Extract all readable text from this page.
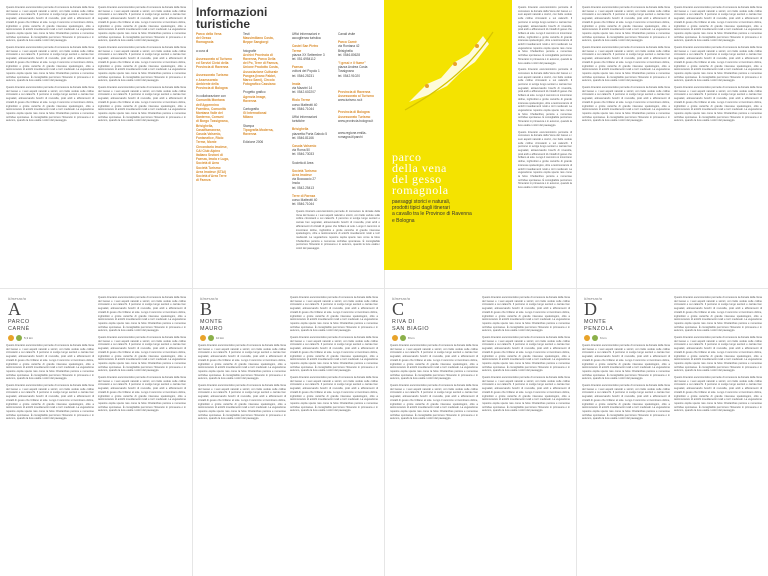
Informazioni
turistiche
Parco della Vena
del Gesso
Romagnola
a cura di
Assessorato al Turismo
ed Servizi Civici della
Provincia di Ravenna
Assessorato Turismo
e Assessorato
Ambiente della
Provincia di Bologna
in collaborazione con
Comunità Montana
dell'Appennino
Faentino, Comunità
Montana Valle del
Santerno, Comuni
di Borgo Tossignano,
Brisighella,
Casalfiumanese,
Casola Valsenio,
Fontanelice, Riolo
Terme, Monte
Circondario Imolese,
CAI Club Alpino
Italiano Sezioni di
Faenza, Imola e Lugo,
Società di Area
Società Turismo
Area Imolese (STAI)
Società d'Area Terre
di Faenza
Testi
Massimiliano Costa,
Beppe Sangiorgi
fotografie
Archivi Provincia di
Ravenna, Parco Della
del Po, Terre di Faenza,
Unione Prodotto Costa,
Associazione Culturale
Pangea (Ivano Fabbri,
Marco Sami), Circolo
Fotografico Cassiano
Progetto grafico
Agenzia Image,
Ravenna
Cartografia
GI International
Milano
Stampa
Tipografia Moderna,
Ravenna
Edizione 2006
Uffici informazioni e
accoglienza turistica
Castel San Pietro
Terme
piazza XX Settembre 3
tel. 051.6954112
Faenza
voltoni del Popolo 1
tel. 0546.25231
Imola
via Mazzini 14
tel. 0542.602207
Riolo Terme
corso Matteotti 40
tel. 0546.71044
Uffici informazioni
turistiche
Brisighella
piazzetta Porta Gabolo 5
tel. 0546.81166
Casola Valsenio
via Roma 50
tel. 0546.73033
Società di Area
Società Turismo
Area Imolese
via Boccaccio 27
Imola
tel. 0542.25413
Terre di Faenza
corso Matteotti 40
tel. 0546.71044
Canali visite
Parco Carnè
via Rontana 42
Brisighella
tel. 0546.80628
"I gessi e il fiume"
piazza Andrea Costa
Tossignano
tel. 0542.91020
Provincia di Ravenna
Assessorato al Turismo
www.turismo.ra.it
Provincia di Bologna
Assessorato Turismo
www.provincia.bologna.it
www.regione.emilia-
romagna.it/parchi
parco
della vena
del gesso
romagnola
paesaggi storici e naturali,
prodotti tipici dagli itinerari
a cavallo tra le Province di Ravenna
e Bologna

Questo itinerario escursionistico permette di conoscere la dorsale della Vena del Gesso e i suoi aspetti naturali e storici, con belle vedute sulle colline circostanti e sui calanchi. Il percorso si svolge lungo sentieri e carraie ben segnalati, attraversando boschi di roverella, prati aridi e affioramenti di cristalli di gesso che brillano al sole. Lungo il cammino si incontrano doline, inghiottitoi e grotte carsiche di grande interesse speleologico, oltre a testimonianze di antichi insediamenti rurali e torri medievali. La vegetazione rupestre ospita specie rare come la felce Cheilanthes persica e numerose orchidee spontanee. È consigliabile percorrere l'itinerario in primavera o in autunno, quando la luce esalta i colori del paesaggio.

Questo itinerario escursionistico permette di conoscere la dorsale della Vena del Gesso e i suoi aspetti naturali e storici, con belle vedute sulle colline circostanti e sui calanchi. Il percorso si svolge lungo sentieri e carraie ben segnalati, attraversando boschi di roverella, prati aridi e affioramenti di cristalli di gesso che brillano al sole. Lungo il cammino si incontrano doline, inghiottitoi e grotte carsiche di grande interesse speleologico, oltre a testimonianze di antichi insediamenti rurali e torri medievali. La vegetazione rupestre ospita specie rare come la felce Cheilanthes persica e numerose orchidee spontanee. È consigliabile percorrere l'itinerario in primavera o in autunno, quando la luce esalta i colori del paesaggio.

Questo itinerario escursionistico permette di conoscere la dorsale della Vena del Gesso e i suoi aspetti naturali e storici, con belle vedute sulle colline circostanti e sui calanchi. Il percorso si svolge lungo sentieri e carraie ben segnalati, attraversando boschi di roverella, prati aridi e affioramenti di cristalli di gesso che brillano al sole. Lungo il cammino si incontrano doline, inghiottitoi e grotte carsiche di grande interesse speleologico, oltre a testimonianze di antichi insediamenti rurali e torri medievali. La vegetazione rupestre ospita specie rare come la felce Cheilanthes persica e numerose orchidee spontanee. È consigliabile percorrere l'itinerario in primavera o in autunno, quando la luce esalta i colori del paesaggio.

Questo itinerario escursionistico permette di conoscere la dorsale della Vena del Gesso e i suoi aspetti naturali e storici, con belle vedute sulle colline circostanti e sui calanchi. Il percorso si svolge lungo sentieri e carraie ben segnalati, attraversando boschi di roverella, prati aridi e affioramenti di cristalli di gesso che brillano al sole. Lungo il cammino si incontrano doline, inghiottitoi e grotte carsiche di grande interesse speleologico, oltre a testimonianze di antichi insediamenti rurali e torri medievali. La vegetazione rupestre ospita specie rare come la felce Cheilanthes persica e numerose orchidee spontanee. È consigliabile percorrere l'itinerario in primavera o in autunno, quando la luce esalta i colori del paesaggio.

Questo itinerario escursionistico permette di conoscere la dorsale della Vena del Gesso e i suoi aspetti naturali e storici, con belle vedute sulle colline circostanti e sui calanchi. Il percorso si svolge lungo sentieri e carraie ben segnalati, attraversando boschi di roverella, prati aridi e affioramenti di cristalli di gesso che brillano al sole. Lungo il cammino si incontrano doline, inghiottitoi e grotte carsiche di grande interesse speleologico, oltre a testimonianze di antichi insediamenti rurali e torri medievali. La vegetazione rupestre ospita specie rare come la felce Cheilanthes persica e numerose orchidee spontanee. È consigliabile percorrere l'itinerario in primavera o in autunno, quando la luce esalta i colori del paesaggio.

Questo itinerario escursionistico permette di conoscere la dorsale della Vena del Gesso e i suoi aspetti naturali e storici, con belle vedute sulle colline circostanti e sui calanchi. Il percorso si svolge lungo sentieri e carraie ben segnalati, attraversando boschi di roverella, prati aridi e affioramenti di cristalli di gesso che brillano al sole. Lungo il cammino si incontrano doline, inghiottitoi e grotte carsiche di grande interesse speleologico, oltre a testimonianze di antichi insediamenti rurali e torri medievali. La vegetazione rupestre ospita specie rare come la felce Cheilanthes persica e numerose orchidee spontanee. È consigliabile percorrere l'itinerario in primavera o in autunno, quando la luce esalta i colori del paesaggio.

Questo itinerario escursionistico permette di conoscere la dorsale della Vena del Gesso e i suoi aspetti naturali e storici, con belle vedute sulle colline circostanti e sui calanchi. Il percorso si svolge lungo sentieri e carraie ben segnalati, attraversando boschi di roverella, prati aridi e affioramenti di cristalli di gesso che brillano al sole. Lungo il cammino si incontrano doline, inghiottitoi e grotte carsiche di grande interesse speleologico, oltre a testimonianze di antichi insediamenti rurali e torri medievali. La vegetazione rupestre ospita specie rare come la felce Cheilanthes persica e numerose orchidee spontanee. È consigliabile percorrere l'itinerario in primavera o in autunno, quando la luce esalta i colori del paesaggio.

Questo itinerario escursionistico permette di conoscere la dorsale della Vena del Gesso e i suoi aspetti naturali e storici, con belle vedute sulle colline circostanti e sui calanchi. Il percorso si svolge lungo sentieri e carraie ben segnalati, attraversando boschi di roverella, prati aridi e affioramenti di cristalli di gesso che brillano al sole. Lungo il cammino si incontrano doline, inghiottitoi e grotte carsiche di grande interesse speleologico, oltre a testimonianze di antichi insediamenti rurali e torri medievali. La vegetazione rupestre ospita specie rare come la felce Cheilanthes persica e numerose orchidee spontanee. È consigliabile percorrere l'itinerario in primavera o in autunno, quando la luce esalta i colori del paesaggio.

Questo itinerario escursionistico permette di conoscere la dorsale della Vena del Gesso e i suoi aspetti naturali e storici, con belle vedute sulle colline circostanti e sui calanchi. Il percorso si svolge lungo sentieri e carraie ben segnalati, attraversando boschi di roverella, prati aridi e affioramenti di cristalli di gesso che brillano al sole. Lungo il cammino si incontrano doline, inghiottitoi e grotte carsiche di grande interesse speleologico, oltre a testimonianze di antichi insediamenti rurali e torri medievali. La vegetazione rupestre ospita specie rare come la felce Cheilanthes persica e numerose orchidee spontanee. È consigliabile percorrere l'itinerario in primavera o in autunno, quando la luce esalta i colori del paesaggio.

Questo itinerario escursionistico permette di conoscere la dorsale della Vena del Gesso e i suoi aspetti naturali e storici, con belle vedute sulle colline circostanti e sui calanchi. Il percorso si svolge lungo sentieri e carraie ben segnalati, attraversando boschi di roverella, prati aridi e affioramenti di cristalli di gesso che brillano al sole. Lungo il cammino si incontrano doline, inghiottitoi e grotte carsiche di grande interesse speleologico, oltre a testimonianze di antichi insediamenti rurali e torri medievali. La vegetazione rupestre ospita specie rare come la felce Cheilanthes persica e numerose orchidee spontanee. È consigliabile percorrere l'itinerario in primavera o in autunno, quando la luce esalta i colori del paesaggio.

Questo itinerario escursionistico permette di conoscere la dorsale della Vena del Gesso e i suoi aspetti naturali e storici, con belle vedute sulle colline circostanti e sui calanchi. Il percorso si svolge lungo sentieri e carraie ben segnalati, attraversando boschi di roverella, prati aridi e affioramenti di cristalli di gesso che brillano al sole. Lungo il cammino si incontrano doline, inghiottitoi e grotte carsiche di grande interesse speleologico, oltre a testimonianze di antichi insediamenti rurali e torri medievali. La vegetazione rupestre ospita specie rare come la felce Cheilanthes persica e numerose orchidee spontanee. È consigliabile percorrere l'itinerario in primavera o in autunno, quando la luce esalta i colori del paesaggio.

Questo itinerario escursionistico permette di conoscere la dorsale della Vena del Gesso e i suoi aspetti naturali e storici, con belle vedute sulle colline circostanti e sui calanchi. Il percorso si svolge lungo sentieri e carraie ben segnalati, attraversando boschi di roverella, prati aridi e affioramenti di cristalli di gesso che brillano al sole. Lungo il cammino si incontrano doline, inghiottitoi e grotte carsiche di grande interesse speleologico, oltre a testimonianze di antichi insediamenti rurali e torri medievali. La vegetazione rupestre ospita specie rare come la felce Cheilanthes persica e numerose orchidee spontanee. È consigliabile percorrere l'itinerario in primavera o in autunno, quando la luce esalta i colori del paesaggio.

Questo itinerario escursionistico permette di conoscere la dorsale della Vena del Gesso e i suoi aspetti naturali e storici, con belle vedute sulle colline circostanti e sui calanchi. Il percorso si svolge lungo sentieri e carraie ben segnalati, attraversando boschi di roverella, prati aridi e affioramenti di cristalli di gesso che brillano al sole. Lungo il cammino si incontrano doline, inghiottitoi e grotte carsiche di grande interesse speleologico, oltre a testimonianze di antichi insediamenti rurali e torri medievali. La vegetazione rupestre ospita specie rare come la felce Cheilanthes persica e numerose orchidee spontanee. È consigliabile percorrere l'itinerario in primavera o in autunno, quando la luce esalta i colori del paesaggio.

Questo itinerario escursionistico permette di conoscere la dorsale della Vena del Gesso e i suoi aspetti naturali e storici, con belle vedute sulle colline circostanti e sui calanchi. Il percorso si svolge lungo sentieri e carraie ben segnalati, attraversando boschi di roverella, prati aridi e affioramenti di cristalli di gesso che brillano al sole. Lungo il cammino si incontrano doline, inghiottitoi e grotte carsiche di grande interesse speleologico, oltre a testimonianze di antichi insediamenti rurali e torri medievali. La vegetazione rupestre ospita specie rare come la felce Cheilanthes persica e numerose orchidee spontanee. È consigliabile percorrere l'itinerario in primavera o in autunno, quando la luce esalta i colori del paesaggio.

Questo itinerario escursionistico permette di conoscere la dorsale della Vena del Gesso e i suoi aspetti naturali e storici, con belle vedute sulle colline circostanti e sui calanchi. Il percorso si svolge lungo sentieri e carraie ben segnalati, attraversando boschi di roverella, prati aridi e affioramenti di cristalli di gesso che brillano al sole. Lungo il cammino si incontrano doline, inghiottitoi e grotte carsiche di grande interesse speleologico, oltre a testimonianze di antichi insediamenti rurali e torri medievali. La vegetazione rupestre ospita specie rare come la felce Cheilanthes persica e numerose orchidee spontanee. È consigliabile percorrere l'itinerario in primavera o in autunno, quando la luce esalta i colori del paesaggio.

Questo itinerario escursionistico permette di conoscere la dorsale della Vena del Gesso e i suoi aspetti naturali e storici, con belle vedute sulle colline circostanti e sui calanchi. Il percorso si svolge lungo sentieri e carraie ben segnalati, attraversando boschi di roverella, prati aridi e affioramenti di cristalli di gesso che brillano al sole. Lungo il cammino si incontrano doline, inghiottitoi e grotte carsiche di grande interesse speleologico, oltre a testimonianze di antichi insediamenti rurali e torri medievali. La vegetazione rupestre ospita specie rare come la felce Cheilanthes persica e numerose orchidee spontanee. È consigliabile percorrere l'itinerario in primavera o in autunno, quando la luce esalta i colori del paesaggio.

itinerario
A
PARCO
CARNÈ
5,3 km
itinerario
B
MONTE
MAURO
10 km
itinerario
C
RIVA DI
SAN BIAGIO
8 km
itinerario
D
MONTE
PENZOLA
6 km

Questo itinerario escursionistico permette di conoscere la dorsale della Vena del Gesso e i suoi aspetti naturali e storici, con belle vedute sulle colline circostanti e sui calanchi. Il percorso si svolge lungo sentieri e carraie ben segnalati, attraversando boschi di roverella, prati aridi e affioramenti di cristalli di gesso che brillano al sole. Lungo il cammino si incontrano doline, inghiottitoi e grotte carsiche di grande interesse speleologico, oltre a testimonianze di antichi insediamenti rurali e torri medievali. La vegetazione rupestre ospita specie rare come la felce Cheilanthes persica e numerose orchidee spontanee. È consigliabile percorrere l'itinerario in primavera o in autunno, quando la luce esalta i colori del paesaggio.

Questo itinerario escursionistico permette di conoscere la dorsale della Vena del Gesso e i suoi aspetti naturali e storici, con belle vedute sulle colline circostanti e sui calanchi. Il percorso si svolge lungo sentieri e carraie ben segnalati, attraversando boschi di roverella, prati aridi e affioramenti di cristalli di gesso che brillano al sole. Lungo il cammino si incontrano doline, inghiottitoi e grotte carsiche di grande interesse speleologico, oltre a testimonianze di antichi insediamenti rurali e torri medievali. La vegetazione rupestre ospita specie rare come la felce Cheilanthes persica e numerose orchidee spontanee. È consigliabile percorrere l'itinerario in primavera o in autunno, quando la luce esalta i colori del paesaggio.

Questo itinerario escursionistico permette di conoscere la dorsale della Vena del Gesso e i suoi aspetti naturali e storici, con belle vedute sulle colline circostanti e sui calanchi. Il percorso si svolge lungo sentieri e carraie ben segnalati, attraversando boschi di roverella, prati aridi e affioramenti di cristalli di gesso che brillano al sole. Lungo il cammino si incontrano doline, inghiottitoi e grotte carsiche di grande interesse speleologico, oltre a testimonianze di antichi insediamenti rurali e torri medievali. La vegetazione rupestre ospita specie rare come la felce Cheilanthes persica e numerose orchidee spontanee. È consigliabile percorrere l'itinerario in primavera o in autunno, quando la luce esalta i colori del paesaggio.

Questo itinerario escursionistico permette di conoscere la dorsale della Vena del Gesso e i suoi aspetti naturali e storici, con belle vedute sulle colline circostanti e sui calanchi. Il percorso si svolge lungo sentieri e carraie ben segnalati, attraversando boschi di roverella, prati aridi e affioramenti di cristalli di gesso che brillano al sole. Lungo il cammino si incontrano doline, inghiottitoi e grotte carsiche di grande interesse speleologico, oltre a testimonianze di antichi insediamenti rurali e torri medievali. La vegetazione rupestre ospita specie rare come la felce Cheilanthes persica e numerose orchidee spontanee. È consigliabile percorrere l'itinerario in primavera o in autunno, quando la luce esalta i colori del paesaggio.

Questo itinerario escursionistico permette di conoscere la dorsale della Vena del Gesso e i suoi aspetti naturali e storici, con belle vedute sulle colline circostanti e sui calanchi. Il percorso si svolge lungo sentieri e carraie ben segnalati, attraversando boschi di roverella, prati aridi e affioramenti di cristalli di gesso che brillano al sole. Lungo il cammino si incontrano doline, inghiottitoi e grotte carsiche di grande interesse speleologico, oltre a testimonianze di antichi insediamenti rurali e torri medievali. La vegetazione rupestre ospita specie rare come la felce Cheilanthes persica e numerose orchidee spontanee. È consigliabile percorrere l'itinerario in primavera o in autunno, quando la luce esalta i colori del paesaggio.

Questo itinerario escursionistico permette di conoscere la dorsale della Vena del Gesso e i suoi aspetti naturali e storici, con belle vedute sulle colline circostanti e sui calanchi. Il percorso si svolge lungo sentieri e carraie ben segnalati, attraversando boschi di roverella, prati aridi e affioramenti di cristalli di gesso che brillano al sole. Lungo il cammino si incontrano doline, inghiottitoi e grotte carsiche di grande interesse speleologico, oltre a testimonianze di antichi insediamenti rurali e torri medievali. La vegetazione rupestre ospita specie rare come la felce Cheilanthes persica e numerose orchidee spontanee. È consigliabile percorrere l'itinerario in primavera o in autunno, quando la luce esalta i colori del paesaggio.

Questo itinerario escursionistico permette di conoscere la dorsale della Vena del Gesso e i suoi aspetti naturali e storici, con belle vedute sulle colline circostanti e sui calanchi. Il percorso si svolge lungo sentieri e carraie ben segnalati, attraversando boschi di roverella, prati aridi e affioramenti di cristalli di gesso che brillano al sole. Lungo il cammino si incontrano doline, inghiottitoi e grotte carsiche di grande interesse speleologico, oltre a testimonianze di antichi insediamenti rurali e torri medievali. La vegetazione rupestre ospita specie rare come la felce Cheilanthes persica e numerose orchidee spontanee. È consigliabile percorrere l'itinerario in primavera o in autunno, quando la luce esalta i colori del paesaggio.

Questo itinerario escursionistico permette di conoscere la dorsale della Vena del Gesso e i suoi aspetti naturali e storici, con belle vedute sulle colline circostanti e sui calanchi. Il percorso si svolge lungo sentieri e carraie ben segnalati, attraversando boschi di roverella, prati aridi e affioramenti di cristalli di gesso che brillano al sole. Lungo il cammino si incontrano doline, inghiottitoi e grotte carsiche di grande interesse speleologico, oltre a testimonianze di antichi insediamenti rurali e torri medievali. La vegetazione rupestre ospita specie rare come la felce Cheilanthes persica e numerose orchidee spontanee. È consigliabile percorrere l'itinerario in primavera o in autunno, quando la luce esalta i colori del paesaggio.

Questo itinerario escursionistico permette di conoscere la dorsale della Vena del Gesso e i suoi aspetti naturali e storici, con belle vedute sulle colline circostanti e sui calanchi. Il percorso si svolge lungo sentieri e carraie ben segnalati, attraversando boschi di roverella, prati aridi e affioramenti di cristalli di gesso che brillano al sole. Lungo il cammino si incontrano doline, inghiottitoi e grotte carsiche di grande interesse speleologico, oltre a testimonianze di antichi insediamenti rurali e torri medievali. La vegetazione rupestre ospita specie rare come la felce Cheilanthes persica e numerose orchidee spontanee. È consigliabile percorrere l'itinerario in primavera o in autunno, quando la luce esalta i colori del paesaggio.

Questo itinerario escursionistico permette di conoscere la dorsale della Vena del Gesso e i suoi aspetti naturali e storici, con belle vedute sulle colline circostanti e sui calanchi. Il percorso si svolge lungo sentieri e carraie ben segnalati, attraversando boschi di roverella, prati aridi e affioramenti di cristalli di gesso che brillano al sole. Lungo il cammino si incontrano doline, inghiottitoi e grotte carsiche di grande interesse speleologico, oltre a testimonianze di antichi insediamenti rurali e torri medievali. La vegetazione rupestre ospita specie rare come la felce Cheilanthes persica e numerose orchidee spontanee. È consigliabile percorrere l'itinerario in primavera o in autunno, quando la luce esalta i colori del paesaggio.

Questo itinerario escursionistico permette di conoscere la dorsale della Vena del Gesso e i suoi aspetti naturali e storici, con belle vedute sulle colline circostanti e sui calanchi. Il percorso si svolge lungo sentieri e carraie ben segnalati, attraversando boschi di roverella, prati aridi e affioramenti di cristalli di gesso che brillano al sole. Lungo il cammino si incontrano doline, inghiottitoi e grotte carsiche di grande interesse speleologico, oltre a testimonianze di antichi insediamenti rurali e torri medievali. La vegetazione rupestre ospita specie rare come la felce Cheilanthes persica e numerose orchidee spontanee. È consigliabile percorrere l'itinerario in primavera o in autunno, quando la luce esalta i colori del paesaggio.

Questo itinerario escursionistico permette di conoscere la dorsale della Vena del Gesso e i suoi aspetti naturali e storici, con belle vedute sulle colline circostanti e sui calanchi. Il percorso si svolge lungo sentieri e carraie ben segnalati, attraversando boschi di roverella, prati aridi e affioramenti di cristalli di gesso che brillano al sole. Lungo il cammino si incontrano doline, inghiottitoi e grotte carsiche di grande interesse speleologico, oltre a testimonianze di antichi insediamenti rurali e torri medievali. La vegetazione rupestre ospita specie rare come la felce Cheilanthes persica e numerose orchidee spontanee. È consigliabile percorrere l'itinerario in primavera o in autunno, quando la luce esalta i colori del paesaggio.

Questo itinerario escursionistico permette di conoscere la dorsale della Vena del Gesso e i suoi aspetti naturali e storici, con belle vedute sulle colline circostanti e sui calanchi. Il percorso si svolge lungo sentieri e carraie ben segnalati, attraversando boschi di roverella, prati aridi e affioramenti di cristalli di gesso che brillano al sole. Lungo il cammino si incontrano doline, inghiottitoi e grotte carsiche di grande interesse speleologico, oltre a testimonianze di antichi insediamenti rurali e torri medievali. La vegetazione rupestre ospita specie rare come la felce Cheilanthes persica e numerose orchidee spontanee. È consigliabile percorrere l'itinerario in primavera o in autunno, quando la luce esalta i colori del paesaggio.

Questo itinerario escursionistico permette di conoscere la dorsale della Vena del Gesso e i suoi aspetti naturali e storici, con belle vedute sulle colline circostanti e sui calanchi. Il percorso si svolge lungo sentieri e carraie ben segnalati, attraversando boschi di roverella, prati aridi e affioramenti di cristalli di gesso che brillano al sole. Lungo il cammino si incontrano doline, inghiottitoi e grotte carsiche di grande interesse speleologico, oltre a testimonianze di antichi insediamenti rurali e torri medievali. La vegetazione rupestre ospita specie rare come la felce Cheilanthes persica e numerose orchidee spontanee. È consigliabile percorrere l'itinerario in primavera o in autunno, quando la luce esalta i colori del paesaggio.

Questo itinerario escursionistico permette di conoscere la dorsale della Vena del Gesso e i suoi aspetti naturali e storici, con belle vedute sulle colline circostanti e sui calanchi. Il percorso si svolge lungo sentieri e carraie ben segnalati, attraversando boschi di roverella, prati aridi e affioramenti di cristalli di gesso che brillano al sole. Lungo il cammino si incontrano doline, inghiottitoi e grotte carsiche di grande interesse speleologico, oltre a testimonianze di antichi insediamenti rurali e torri medievali. La vegetazione rupestre ospita specie rare come la felce Cheilanthes persica e numerose orchidee spontanee. È consigliabile percorrere l'itinerario in primavera o in autunno, quando la luce esalta i colori del paesaggio.

Questo itinerario escursionistico permette di conoscere la dorsale della Vena del Gesso e i suoi aspetti naturali e storici, con belle vedute sulle colline circostanti e sui calanchi. Il percorso si svolge lungo sentieri e carraie ben segnalati, attraversando boschi di roverella, prati aridi e affioramenti di cristalli di gesso che brillano al sole. Lungo il cammino si incontrano doline, inghiottitoi e grotte carsiche di grande interesse speleologico, oltre a testimonianze di antichi insediamenti rurali e torri medievali. La vegetazione rupestre ospita specie rare come la felce Cheilanthes persica e numerose orchidee spontanee. È consigliabile percorrere l'itinerario in primavera o in autunno, quando la luce esalta i colori del paesaggio.

Questo itinerario escursionistico permette di conoscere la dorsale della Vena del Gesso e i suoi aspetti naturali e storici, con belle vedute sulle colline circostanti e sui calanchi. Il percorso si svolge lungo sentieri e carraie ben segnalati, attraversando boschi di roverella, prati aridi e affioramenti di cristalli di gesso che brillano al sole. Lungo il cammino si incontrano doline, inghiottitoi e grotte carsiche di grande interesse speleologico, oltre a testimonianze di antichi insediamenti rurali e torri medievali. La vegetazione rupestre ospita specie rare come la felce Cheilanthes persica e numerose orchidee spontanee. È consigliabile percorrere l'itinerario in primavera o in autunno, quando la luce esalta i colori del paesaggio.

Questo itinerario escursionistico permette di conoscere la dorsale della Vena del Gesso e i suoi aspetti naturali e storici, con belle vedute sulle colline circostanti e sui calanchi. Il percorso si svolge lungo sentieri e carraie ben segnalati, attraversando boschi di roverella, prati aridi e affioramenti di cristalli di gesso che brillano al sole. Lungo il cammino si incontrano doline, inghiottitoi e grotte carsiche di grande interesse speleologico, oltre a testimonianze di antichi insediamenti rurali e torri medievali. La vegetazione rupestre ospita specie rare come la felce Cheilanthes persica e numerose orchidee spontanee. È consigliabile percorrere l'itinerario in primavera o in autunno, quando la luce esalta i colori del paesaggio.

Questo itinerario escursionistico permette di conoscere la dorsale della Vena del Gesso e i suoi aspetti naturali e storici, con belle vedute sulle colline circostanti e sui calanchi. Il percorso si svolge lungo sentieri e carraie ben segnalati, attraversando boschi di roverella, prati aridi e affioramenti di cristalli di gesso che brillano al sole. Lungo il cammino si incontrano doline, inghiottitoi e grotte carsiche di grande interesse speleologico, oltre a testimonianze di antichi insediamenti rurali e torri medievali. La vegetazione rupestre ospita specie rare come la felce Cheilanthes persica e numerose orchidee spontanee. È consigliabile percorrere l'itinerario in primavera o in autunno, quando la luce esalta i colori del paesaggio.

Questo itinerario escursionistico permette di conoscere la dorsale della Vena del Gesso e i suoi aspetti naturali e storici, con belle vedute sulle colline circostanti e sui calanchi. Il percorso si svolge lungo sentieri e carraie ben segnalati, attraversando boschi di roverella, prati aridi e affioramenti di cristalli di gesso che brillano al sole. Lungo il cammino si incontrano doline, inghiottitoi e grotte carsiche di grande interesse speleologico, oltre a testimonianze di antichi insediamenti rurali e torri medievali. La vegetazione rupestre ospita specie rare come la felce Cheilanthes persica e numerose orchidee spontanee. È consigliabile percorrere l'itinerario in primavera o in autunno, quando la luce esalta i colori del paesaggio.
